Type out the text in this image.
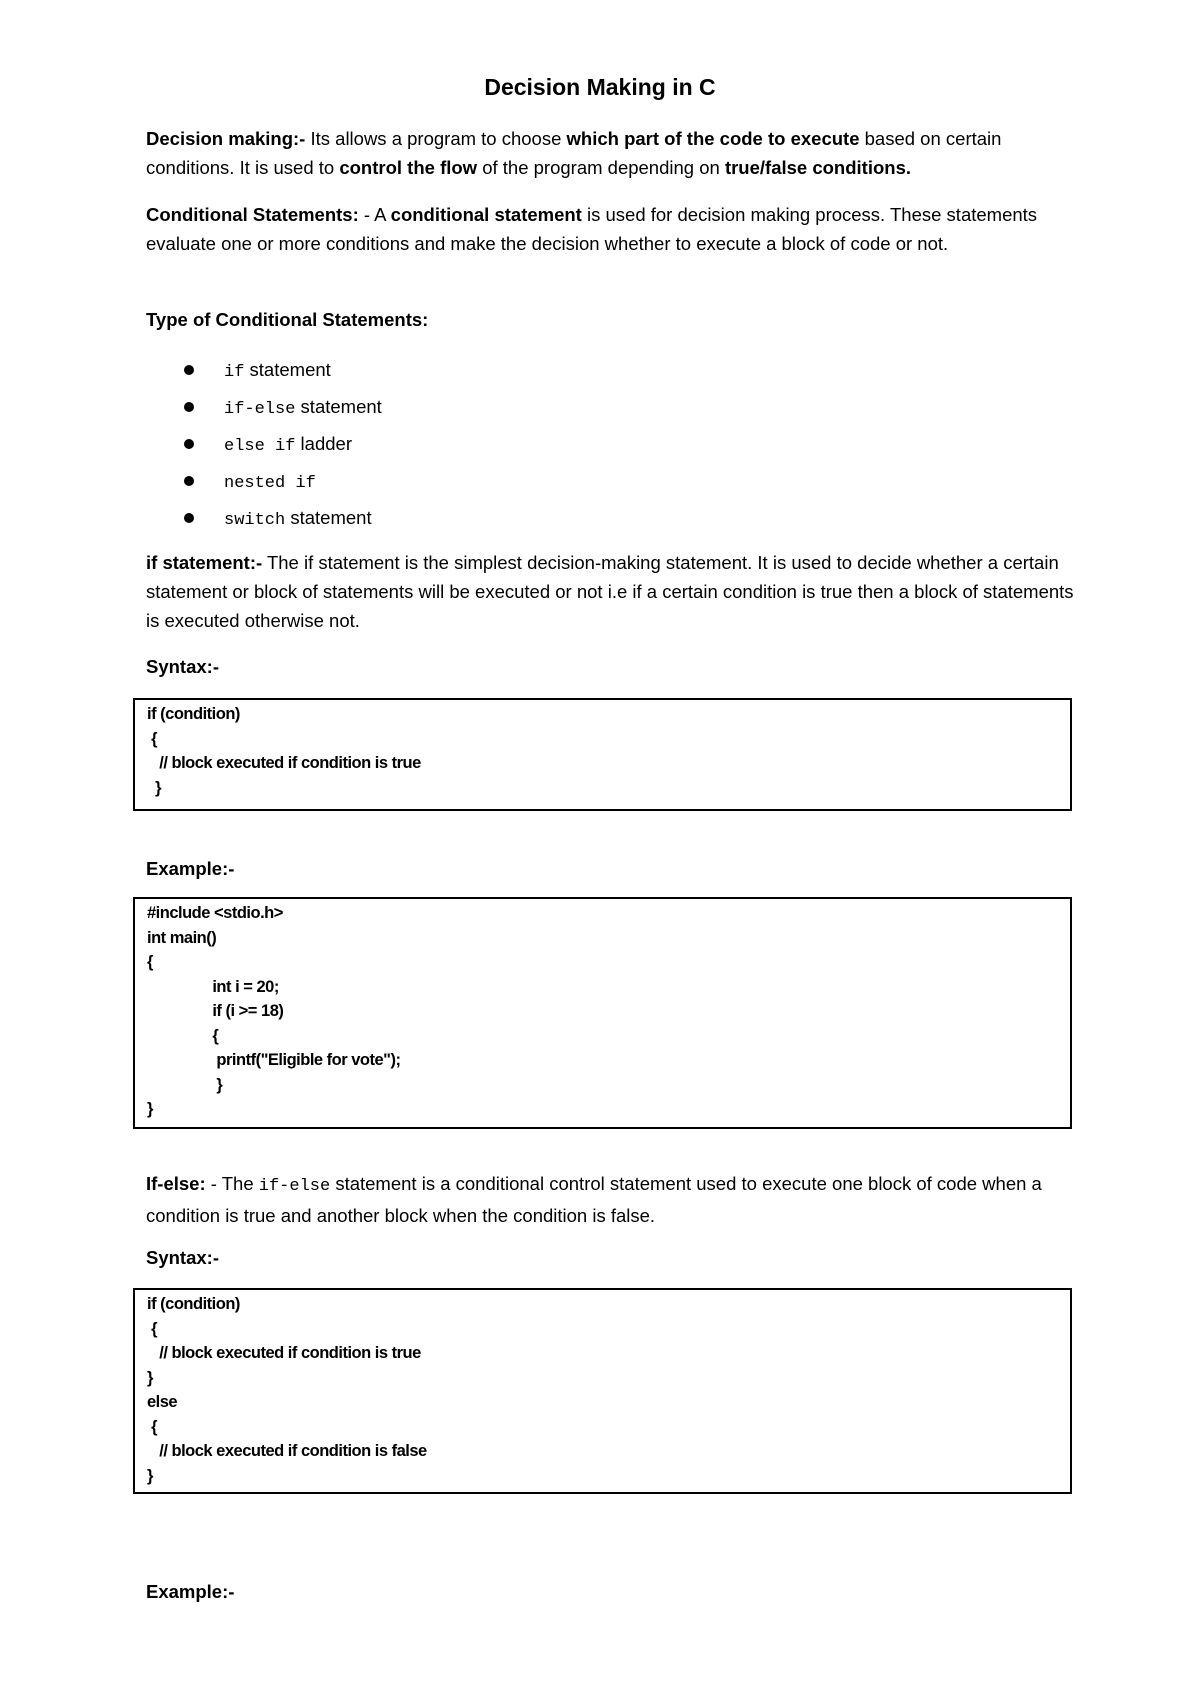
Decision Making in C
Decision making:- Its allows a program to choose which part of the code to execute based on certain conditions. It is used to control the flow of the program depending on true/false conditions.
Conditional Statements: - A conditional statement is used for decision making process. These statements evaluate one or more conditions and make the decision whether to execute a block of code or not.
Type of Conditional Statements:
if statement
if-else statement
else if ladder
nested if
switch statement
if statement:- The if statement is the simplest decision-making statement. It is used to decide whether a certain statement or block of statements will be executed or not i.e if a certain condition is true then a block of statements is executed otherwise not.
Syntax:-
if (condition)
{
// block executed if condition is true
}
Example:-
#include <stdio.h>
int main()
{
int i = 20;
if (i >= 18)
{
printf("Eligible for vote");
}
}
If-else: - The if-else statement is a conditional control statement used to execute one block of code when a condition is true and another block when the condition is false.
Syntax:-
if (condition)
{
// block executed if condition is true
}
else
{
// block executed if condition is false
}
Example:-
